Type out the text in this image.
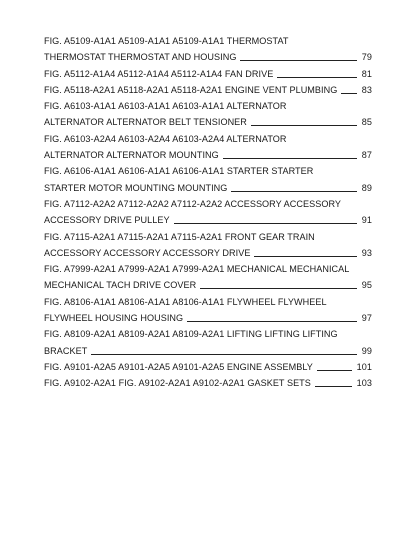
FIG. A5109-A1A1 A5109-A1A1 A5109-A1A1 THERMOSTAT
THERMOSTAT THERMOSTAT AND HOUSING	79
FIG. A5112-A1A4 A5112-A1A4 A5112-A1A4 FAN DRIVE	81
FIG. A5118-A2A1 A5118-A2A1 A5118-A2A1 ENGINE VENT PLUMBING	83
FIG. A6103-A1A1 A6103-A1A1 A6103-A1A1 ALTERNATOR
ALTERNATOR ALTERNATOR BELT TENSIONER	85
FIG. A6103-A2A4 A6103-A2A4 A6103-A2A4 ALTERNATOR
ALTERNATOR ALTERNATOR MOUNTING	87
FIG. A6106-A1A1 A6106-A1A1 A6106-A1A1 STARTER STARTER
STARTER MOTOR MOUNTING MOUNTING	89
FIG. A7112-A2A2 A7112-A2A2 A7112-A2A2 ACCESSORY ACCESSORY
ACCESSORY DRIVE PULLEY	91
FIG. A7115-A2A1 A7115-A2A1 A7115-A2A1 FRONT GEAR TRAIN
ACCESSORY ACCESSORY ACCESSORY DRIVE	93
FIG. A7999-A2A1 A7999-A2A1 A7999-A2A1 MECHANICAL MECHANICAL
MECHANICAL TACH DRIVE COVER	95
FIG. A8106-A1A1 A8106-A1A1 A8106-A1A1 FLYWHEEL FLYWHEEL
FLYWHEEL HOUSING HOUSING	97
FIG. A8109-A2A1 A8109-A2A1 A8109-A2A1 LIFTING LIFTING LIFTING
BRACKET	99
FIG. A9101-A2A5 A9101-A2A5 A9101-A2A5 ENGINE ASSEMBLY	101
FIG. A9102-A2A1 FIG. A9102-A2A1 A9102-A2A1 GASKET SETS	103
